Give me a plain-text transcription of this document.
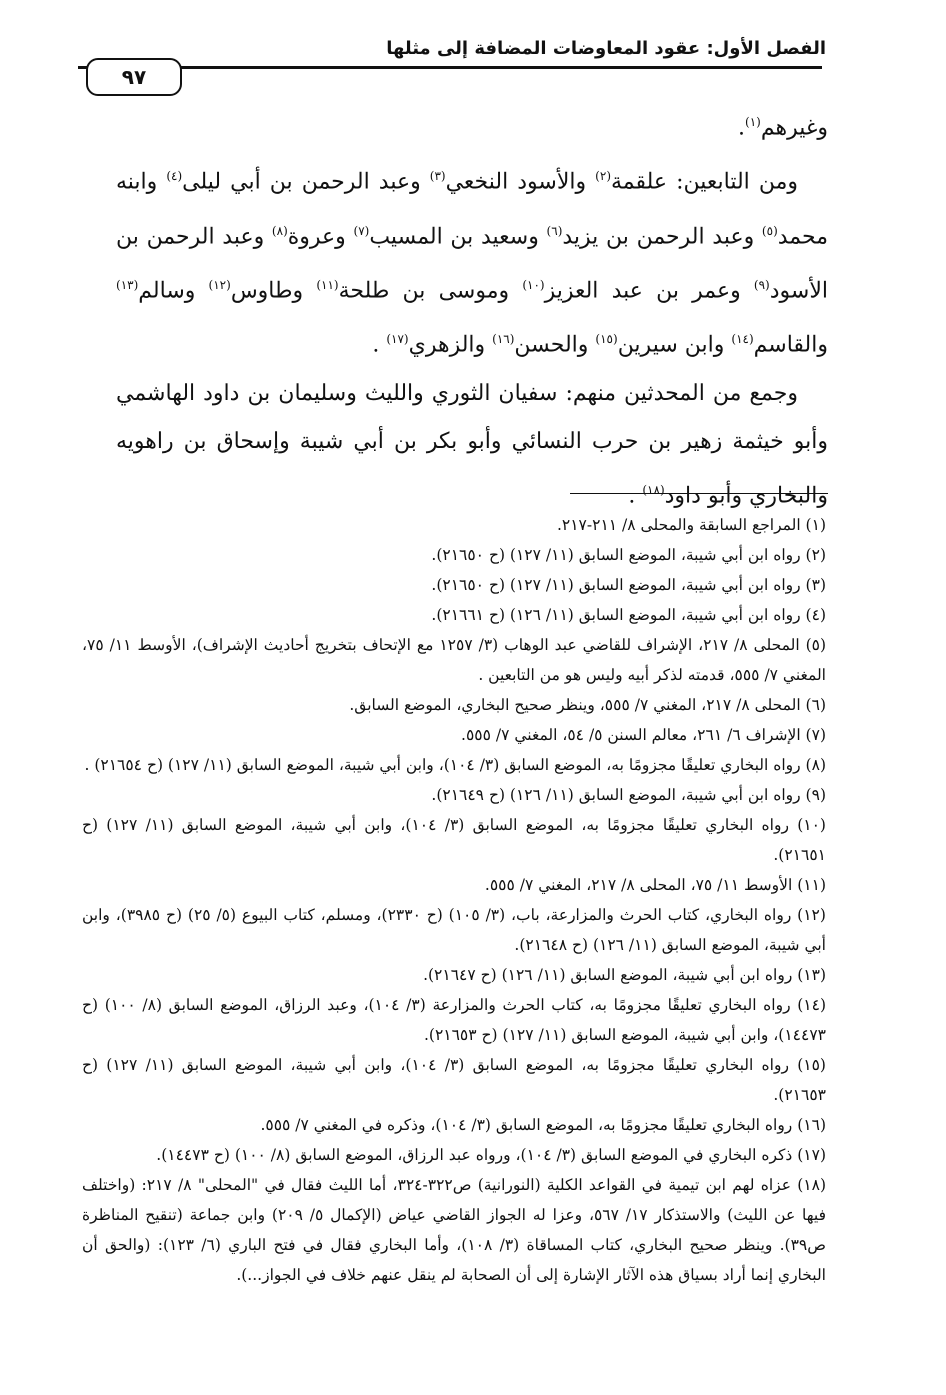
الفصل الأول: عقود المعاوضات المضافة إلى مثلها
٩٧

وغيرهم$^{(١)}$.

ومن التابعين: علقمة$^{(٢)}$ والأسود النخعي$^{(٣)}$ وعبد الرحمن بن أبي ليلى$^{(٤)}$ وابنه محمد$^{(٥)}$ وعبد الرحمن بن يزيد$^{(٦)}$ وسعيد بن المسيب$^{(٧)}$ وعروة$^{(٨)}$ وعبد الرحمن بن الأسود$^{(٩)}$ وعمر بن عبد العزيز$^{(١٠)}$ وموسى بن طلحة$^{(١١)}$ وطاوس$^{(١٢)}$ وسالم$^{(١٣)}$ والقاسم$^{(١٤)}$ وابن سيرين$^{(١٥)}$ والحسن$^{(١٦)}$ والزهري$^{(١٧)}$ .

وجمع من المحدثين منهم: سفيان الثوري والليث وسليمان بن داود الهاشمي وأبو خيثمة زهير بن حرب النسائي وأبو بكر بن أبي شيبة وإسحاق بن راهويه والبخاري وأبو داود$^{(١٨)}$ .

(١) المراجع السابقة والمحلى ٨/ ٢١١-٢١٧.

(٢) رواه ابن أبي شيبة، الموضع السابق (١١/ ١٢٧) (ح ٢١٦٥٠).

(٣) رواه ابن أبي شيبة، الموضع السابق (١١/ ١٢٧) (ح ٢١٦٥٠).

(٤) رواه ابن أبي شيبة، الموضع السابق (١١/ ١٢٦) (ح ٢١٦٦١).

(٥) المحلى ٨/ ٢١٧، الإشراف للقاضي عبد الوهاب (٣/ ١٢٥٧ مع الإتحاف بتخريج أحاديث الإشراف)، الأوسط ١١/ ٧٥، المغني ٧/ ٥٥٥، قدمته لذكر أبيه وليس هو من التابعين .

(٦) المحلى ٨/ ٢١٧، المغني ٧/ ٥٥٥، وينظر صحيح البخاري، الموضع السابق.

(٧) الإشراف ٦/ ٢٦١، معالم السنن ٥/ ٥٤، المغني ٧/ ٥٥٥.

(٨) رواه البخاري تعليقًا مجزومًا به، الموضع السابق (٣/ ١٠٤)، وابن أبي شيبة، الموضع السابق (١١/ ١٢٧) (ح ٢١٦٥٤) .

(٩) رواه ابن أبي شيبة، الموضع السابق (١١/ ١٢٦) (ح ٢١٦٤٩).

(١٠) رواه البخاري تعليقًا مجزومًا به، الموضع السابق (٣/ ١٠٤)، وابن أبي شيبة، الموضع السابق (١١/ ١٢٧) (ح ٢١٦٥١).

(١١) الأوسط ١١/ ٧٥، المحلى ٨/ ٢١٧، المغني ٧/ ٥٥٥.

(١٢) رواه البخاري، كتاب الحرث والمزارعة، باب، (٣/ ١٠٥) (ح ٢٣٣٠)، ومسلم، كتاب البيوع (٥/ ٢٥) (ح ٣٩٨٥)، وابن أبي شيبة، الموضع السابق (١١/ ١٢٦) (ح ٢١٦٤٨).

(١٣) رواه ابن أبي شيبة، الموضع السابق (١١/ ١٢٦) (ح ٢١٦٤٧).

(١٤) رواه البخاري تعليقًا مجزومًا به، كتاب الحرث والمزارعة (٣/ ١٠٤)، وعبد الرزاق، الموضع السابق (٨/ ١٠٠) (ح ١٤٤٧٣)، وابن أبي شيبة، الموضع السابق (١١/ ١٢٧) (ح ٢١٦٥٣).

(١٥) رواه البخاري تعليقًا مجزومًا به، الموضع السابق (٣/ ١٠٤)، وابن أبي شيبة، الموضع السابق (١١/ ١٢٧) (ح ٢١٦٥٣).

(١٦) رواه البخاري تعليقًا مجزومًا به، الموضع السابق (٣/ ١٠٤)، وذكره في المغني ٧/ ٥٥٥.

(١٧) ذكره البخاري في الموضع السابق (٣/ ١٠٤)، ورواه عبد الرزاق، الموضع السابق (٨/ ١٠٠) (ح ١٤٤٧٣).

(١٨) عزاه لهم ابن تيمية في القواعد الكلية (النورانية) ص٣٢٢-٣٢٤، أما الليث فقال في "المحلى" ٨/ ٢١٧: (واختلف فيها عن الليث) والاستذكار ١٧/ ٥٦٧، وعزا له الجواز القاضي عياض (الإكمال ٥/ ٢٠٩) وابن جماعة (تنقيح المناظرة ص٣٩). وينظر صحيح البخاري، كتاب المساقاة (٣/ ١٠٨)، وأما البخاري فقال في فتح الباري (٦/ ١٢٣): (والحق أن البخاري إنما أراد بسياق هذه الآثار الإشارة إلى أن الصحابة لم ينقل عنهم خلاف في الجواز...).
